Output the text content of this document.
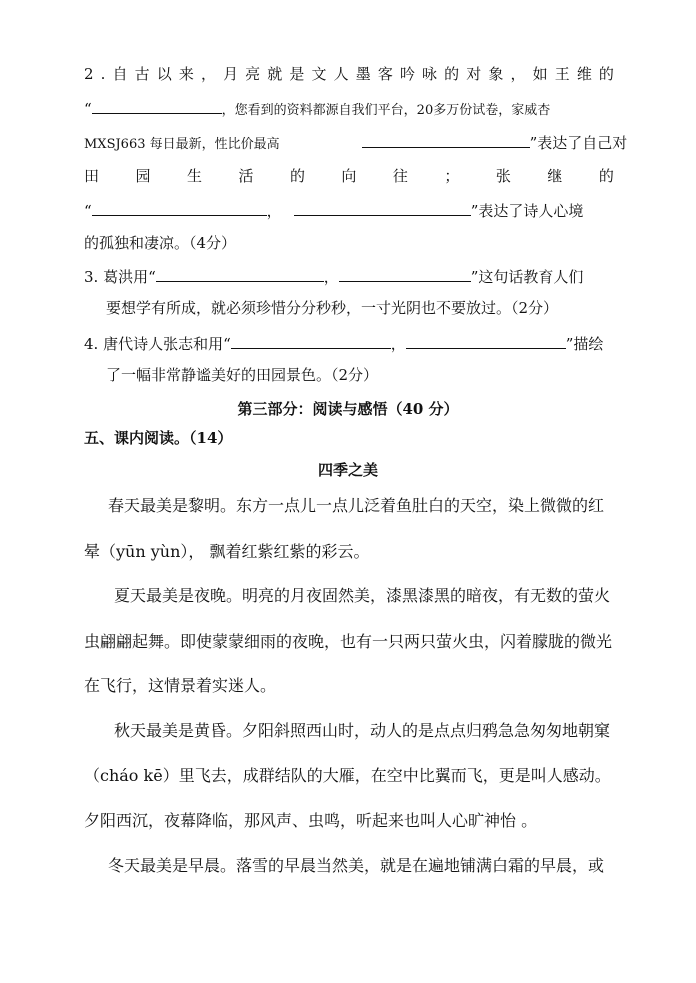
2 . 自 古 以 来 ， 月 亮 就 是 文 人 墨 客 吟 咏 的 对 象 ， 如 王 维 的
“	，您看到的资料都源自我们平台，20多万份试卷，家威杏
MXSJ663 每日最新，性比价最高	”表达了自己对
田 园 生 活 的 向 往 ； 张 继 的
“	，	”表达了诗人心境
的孤独和凄凉。（4分）
3. 葛洪用“	，	”这句话教育人们
要想学有所成，就必须珍惜分分秒秒，一寸光阴也不要放过。（2分）
4. 唐代诗人张志和用“	，	”描绘
了一幅非常静谧美好的田园景色。（2分）
第三部分：阅读与感悟（40 分）
五、课内阅读。（14）
四季之美
春天最美是黎明。东方一点儿一点儿泛着鱼肚白的天空，染上微微的红
晕（yūn yùn）， 飘着红紫红紫的彩云。
夏天最美是夜晚。明亮的月夜固然美，漆黑漆黑的暗夜，有无数的萤火
虫翩翩起舞。即使蒙蒙细雨的夜晚，也有一只两只萤火虫，闪着朦胧的微光
在飞行，这情景着实迷人。
秋天最美是黄昏。夕阳斜照西山时，动人的是点点归鸦急急匆匆地朝窠
（cháo kē）里飞去，成群结队的大雁，在空中比翼而飞，更是叫人感动。
夕阳西沉，夜幕降临，那风声、虫鸣，听起来也叫人心旷神怡 。
冬天最美是早晨。落雪的早晨当然美，就是在遍地铺满白霜的早晨，或
